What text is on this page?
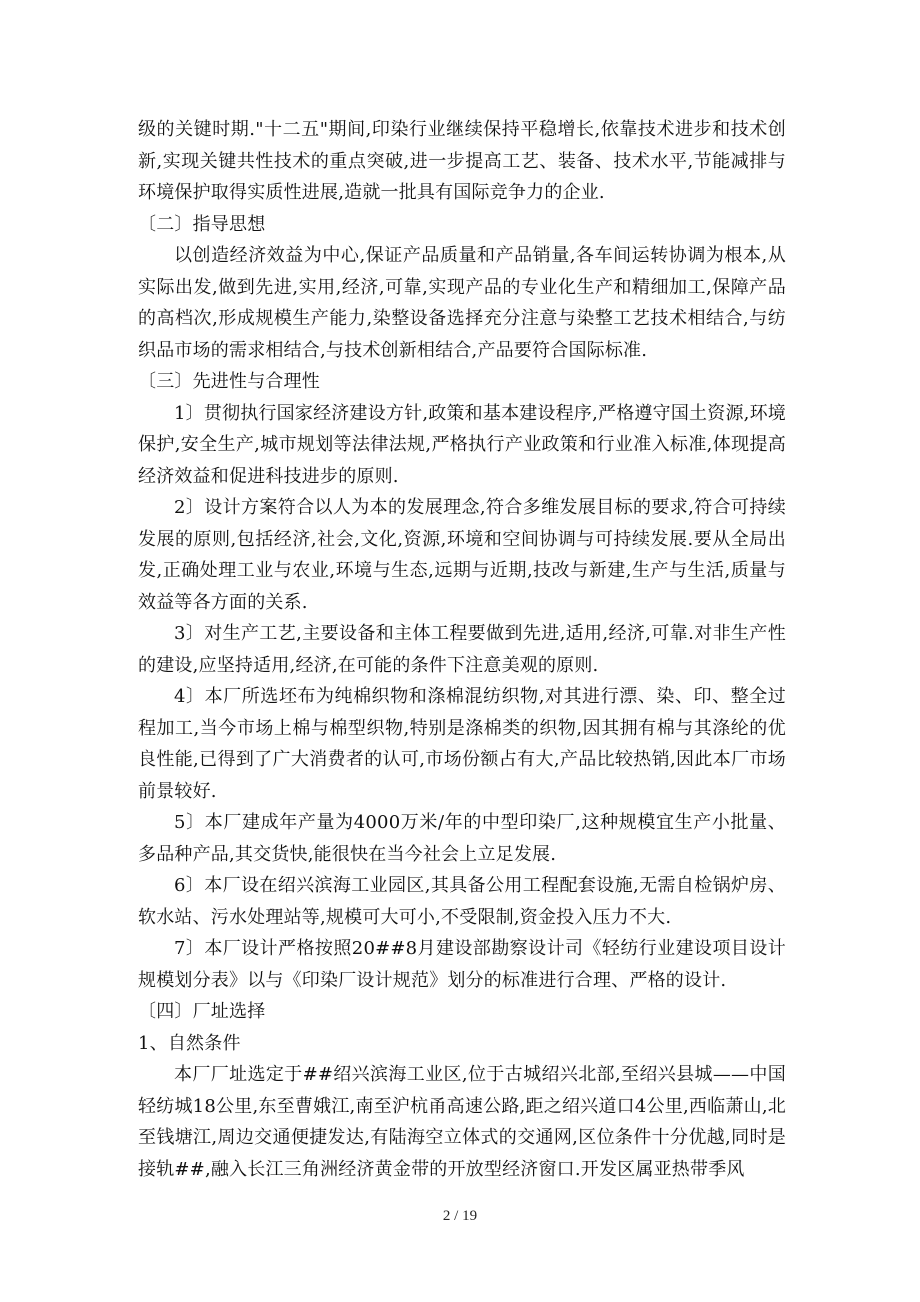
级的关键时期."十二五"期间,印染行业继续保持平稳增长,依靠技术进步和技术创新,实现关键共性技术的重点突破,进一步提高工艺、装备、技术水平,节能减排与环境保护取得实质性进展,造就一批具有国际竞争力的企业.

〔二〕指导思想

以创造经济效益为中心,保证产品质量和产品销量,各车间运转协调为根本,从实际出发,做到先进,实用,经济,可靠,实现产品的专业化生产和精细加工,保障产品的高档次,形成规模生产能力,染整设备选择充分注意与染整工艺技术相结合,与纺织品市场的需求相结合,与技术创新相结合,产品要符合国际标准.

〔三〕先进性与合理性

1〕贯彻执行国家经济建设方针,政策和基本建设程序,严格遵守国土资源,环境保护,安全生产,城市规划等法律法规,严格执行产业政策和行业准入标准,体现提高经济效益和促进科技进步的原则.

2〕设计方案符合以人为本的发展理念,符合多维发展目标的要求,符合可持续发展的原则,包括经济,社会,文化,资源,环境和空间协调与可持续发展.要从全局出发,正确处理工业与农业,环境与生态,远期与近期,技改与新建,生产与生活,质量与效益等各方面的关系.

3〕对生产工艺,主要设备和主体工程要做到先进,适用,经济,可靠.对非生产性的建设,应坚持适用,经济,在可能的条件下注意美观的原则.

4〕本厂所选坯布为纯棉织物和涤棉混纺织物,对其进行漂、染、印、整全过程加工,当今市场上棉与棉型织物,特别是涤棉类的织物,因其拥有棉与其涤纶的优良性能,已得到了广大消费者的认可,市场份额占有大,产品比较热销,因此本厂市场前景较好.

5〕本厂建成年产量为4000万米/年的中型印染厂,这种规模宜生产小批量、多品种产品,其交货快,能很快在当今社会上立足发展.

6〕本厂设在绍兴滨海工业园区,其具备公用工程配套设施,无需自检锅炉房、软水站、污水处理站等,规模可大可小,不受限制,资金投入压力不大.

7〕本厂设计严格按照20##8月建设部勘察设计司《轻纺行业建设项目设计规模划分表》以与《印染厂设计规范》划分的标准进行合理、严格的设计.

〔四〕厂址选择

1、自然条件

本厂厂址选定于##绍兴滨海工业区,位于古城绍兴北部,至绍兴县城——中国轻纺城18公里,东至曹娥江,南至沪杭甬高速公路,距之绍兴道口4公里,西临萧山,北至钱塘江,周边交通便捷发达,有陆海空立体式的交通网,区位条件十分优越,同时是接轨##,融入长江三角洲经济黄金带的开放型经济窗口.开发区属亚热带季风

2 / 19
